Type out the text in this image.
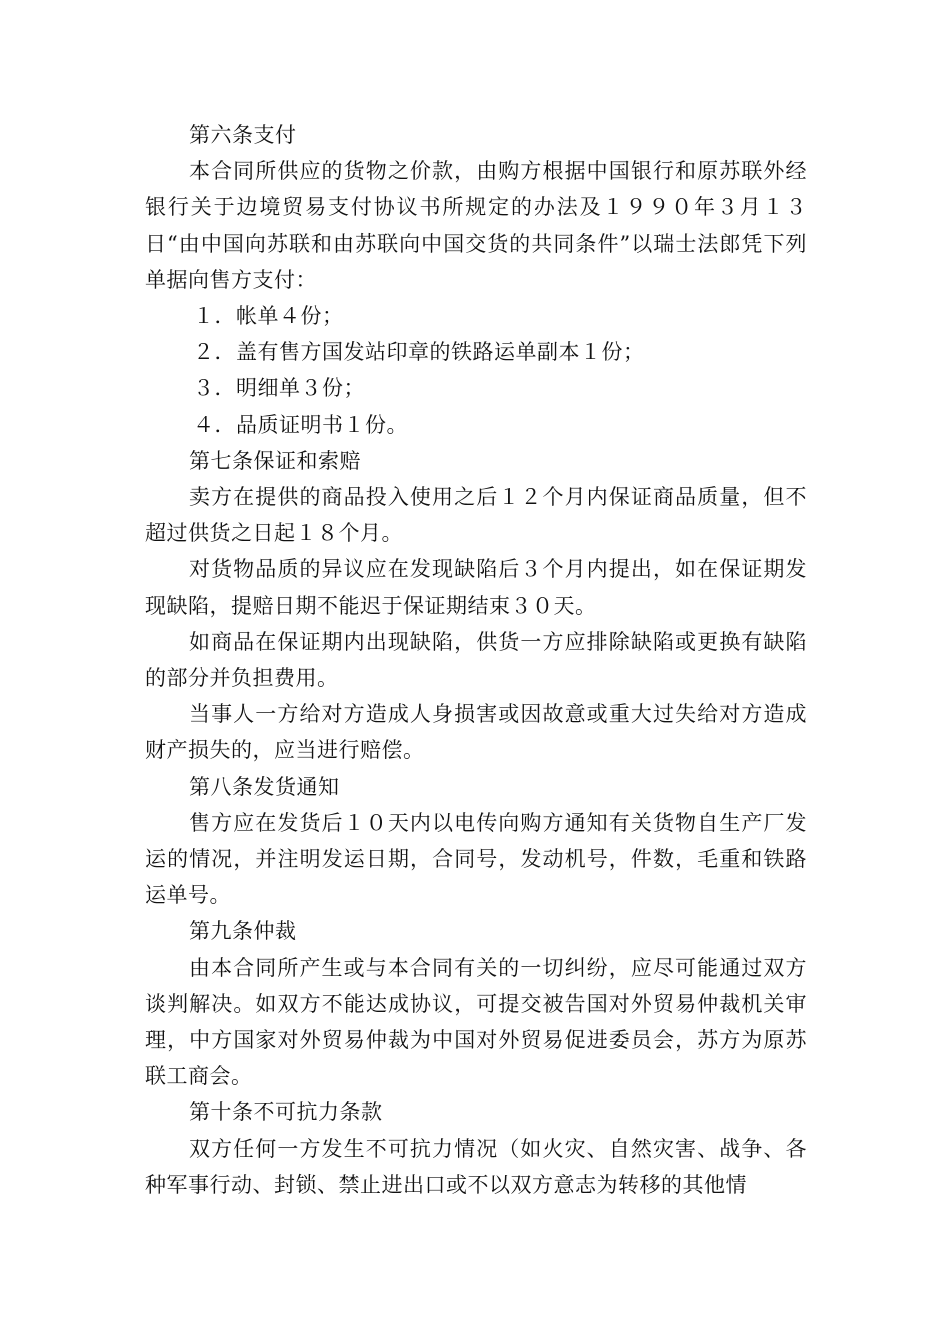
第六条支付

本合同所供应的货物之价款，由购方根据中国银行和原苏联外经银行关于边境贸易支付协议书所规定的办法及１９９０年３月１３日“由中国向苏联和由苏联向中国交货的共同条件”以瑞士法郎凭下列单据向售方支付：

１．帐单４份；

２．盖有售方国发站印章的铁路运单副本１份；

３．明细单３份；

４．品质证明书１份。

第七条保证和索赔

卖方在提供的商品投入使用之后１２个月内保证商品质量，但不超过供货之日起１８个月。

对货物品质的异议应在发现缺陷后３个月内提出，如在保证期发现缺陷，提赔日期不能迟于保证期结束３０天。

如商品在保证期内出现缺陷，供货一方应排除缺陷或更换有缺陷的部分并负担费用。

当事人一方给对方造成人身损害或因故意或重大过失给对方造成财产损失的，应当进行赔偿。

第八条发货通知

售方应在发货后１０天内以电传向购方通知有关货物自生产厂发运的情况，并注明发运日期，合同号，发动机号，件数，毛重和铁路运单号。

第九条仲裁

由本合同所产生或与本合同有关的一切纠纷，应尽可能通过双方谈判解决。如双方不能达成协议，可提交被告国对外贸易仲裁机关审理，中方国家对外贸易仲裁为中国对外贸易促进委员会，苏方为原苏联工商会。

第十条不可抗力条款

双方任何一方发生不可抗力情况（如火灾、自然灾害、战争、各种军事行动、封锁、禁止进出口或不以双方意志为转移的其他情
